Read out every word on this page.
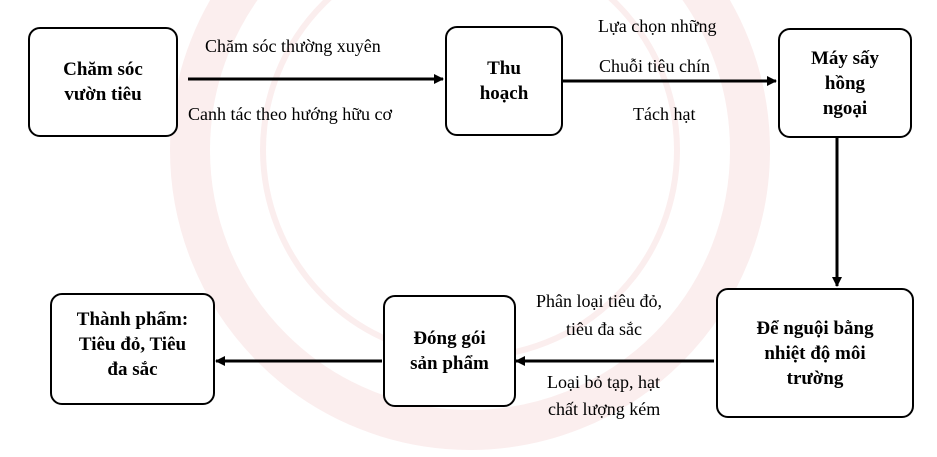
Chăm sóc vườn tiêu
Thu hoạch
Máy sấy hồng ngoại
Để nguội bằng nhiệt độ môi trường
Đóng gói sản phẩm
Thành phẩm: Tiêu đỏ, Tiêu đa sắc
Chăm sóc thường xuyên
Canh tác theo hướng hữu cơ
Lựa chọn những
Chuỗi tiêu chín
Tách hạt
Phân loại tiêu đỏ,
tiêu đa sắc
Loại bỏ tạp, hạt
chất lượng kém
